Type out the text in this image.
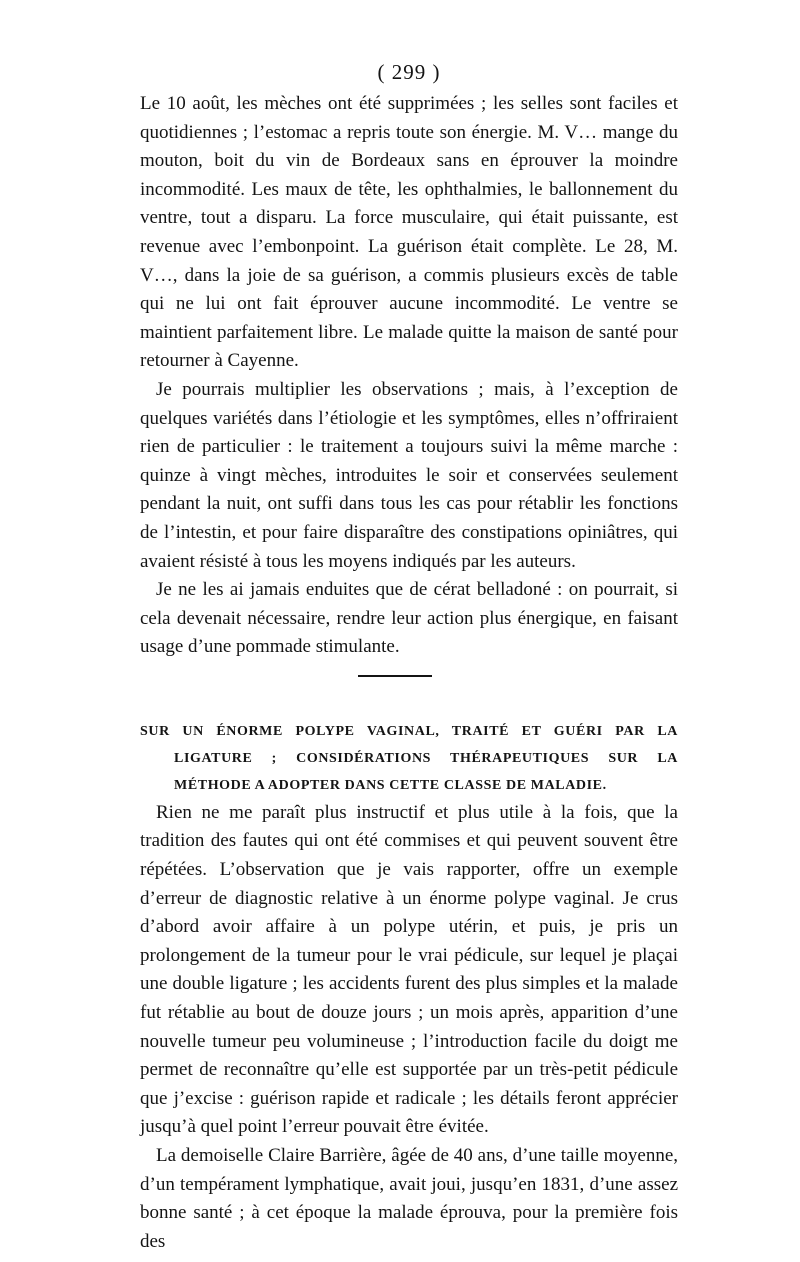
( 299 )

Le 10 août, les mèches ont été supprimées ; les selles sont faciles et quotidiennes ; l’estomac a repris toute son énergie. M. V… mange du mouton, boit du vin de Bordeaux sans en éprouver la moindre incommodité. Les maux de tête, les ophthalmies, le ballonnement du ventre, tout a disparu. La force musculaire, qui était puissante, est revenue avec l’embonpoint. La guérison était complète. Le 28, M. V…, dans la joie de sa guérison, a commis plusieurs excès de table qui ne lui ont fait éprouver aucune incommodité. Le ventre se maintient parfaitement libre. Le malade quitte la maison de santé pour retourner à Cayenne.

Je pourrais multiplier les observations ; mais, à l’exception de quelques variétés dans l’étiologie et les symptômes, elles n’offriraient rien de particulier : le traitement a toujours suivi la même marche : quinze à vingt mèches, introduites le soir et conservées seulement pendant la nuit, ont suffi dans tous les cas pour rétablir les fonctions de l’intestin, et pour faire disparaître des constipations opiniâtres, qui avaient résisté à tous les moyens indiqués par les auteurs.

Je ne les ai jamais enduites que de cérat belladoné : on pourrait, si cela devenait nécessaire, rendre leur action plus énergique, en faisant usage d’une pommade stimulante.

SUR UN ÉNORME POLYPE VAGINAL, TRAITÉ ET GUÉRI PAR LA LIGATURE ; CONSIDÉRATIONS THÉRAPEUTIQUES SUR LA MÉTHODE A ADOPTER DANS CETTE CLASSE DE MALADIE.

Rien ne me paraît plus instructif et plus utile à la fois, que la tradition des fautes qui ont été commises et qui peuvent souvent être répétées. L’observation que je vais rapporter, offre un exemple d’erreur de diagnostic relative à un énorme polype vaginal. Je crus d’abord avoir affaire à un polype utérin, et puis, je pris un prolongement de la tumeur pour le vrai pédicule, sur lequel je plaçai une double ligature ; les accidents furent des plus simples et la malade fut rétablie au bout de douze jours ; un mois après, apparition d’une nouvelle tumeur peu volumineuse ; l’introduction facile du doigt me permet de reconnaître qu’elle est supportée par un très-petit pédicule que j’excise : guérison rapide et radicale ; les détails feront apprécier jusqu’à quel point l’erreur pouvait être évitée.

La demoiselle Claire Barrière, âgée de 40 ans, d’une taille moyenne, d’un tempérament lymphatique, avait joui, jusqu’en 1831, d’une assez bonne santé ; à cet époque la malade éprouva, pour la première fois des
